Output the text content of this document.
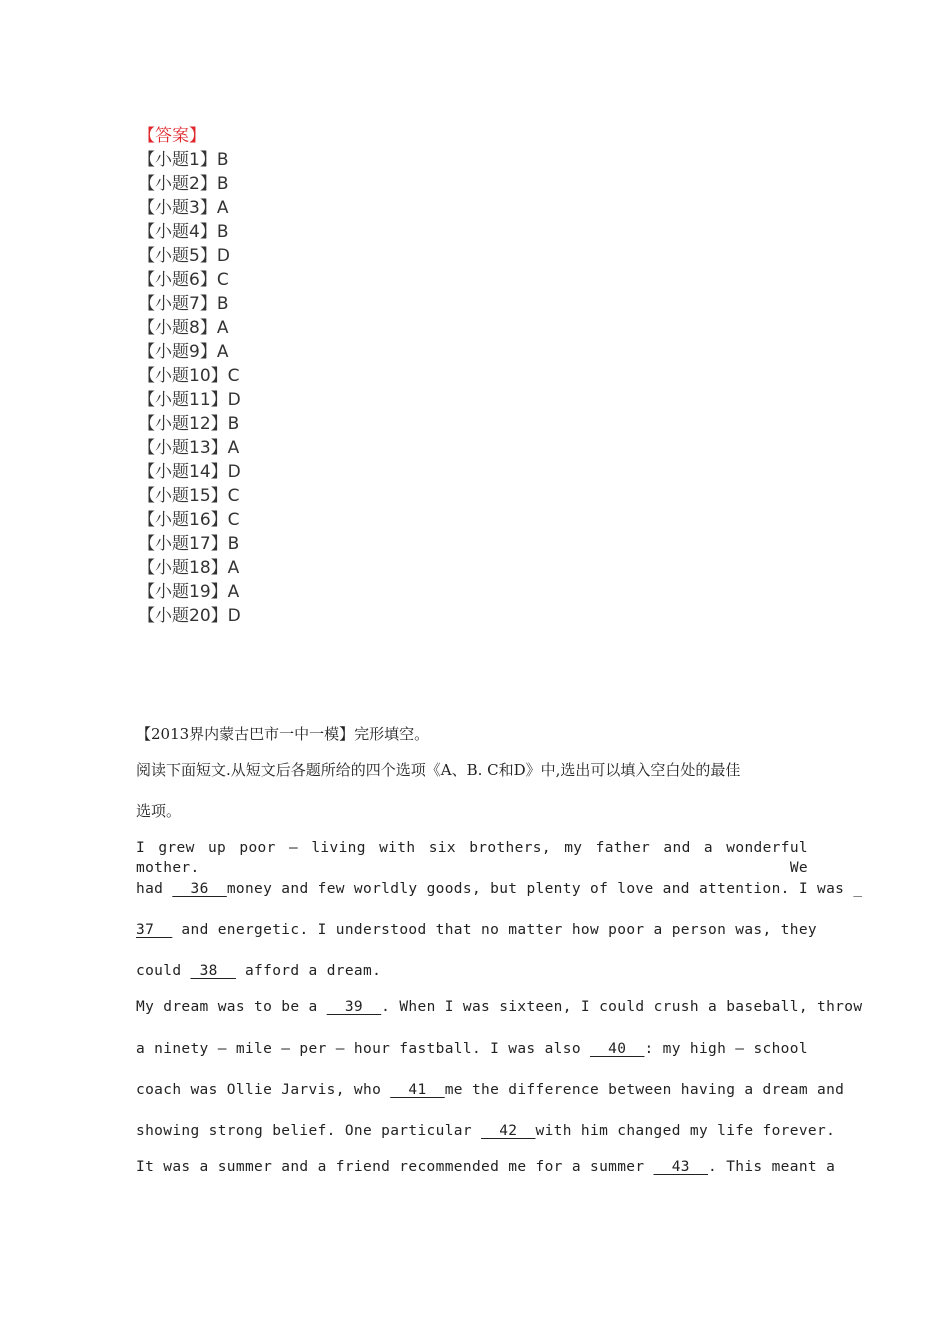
【答案】
【小题1】B
【小题2】B
【小题3】A
【小题4】B
【小题5】D
【小题6】C
【小题7】B
【小题8】A
【小题9】A
【小题10】C
【小题11】D
【小题12】B
【小题13】A
【小题14】D
【小题15】C
【小题16】C
【小题17】B
【小题18】A
【小题19】A
【小题20】D
【2013界内蒙古巴市一中一模】完形填空。
阅读下面短文.从短文后各题所给的四个选项《A、B. C和D》中,选出可以填入空白处的最佳
选项。
I grew up poor – living with six brothers, my father and a wonderful mother. We
had   36  money and few worldly goods, but plenty of love and attention. I was _
37   and energetic. I understood that no matter how poor a person was, they
could  38   afford a dream.
My dream was to be a   39  . When I was sixteen, I could crush a baseball, throw
a ninety – mile – per – hour fastball. I was also   40  : my high – school
coach was Ollie Jarvis, who   41  me the difference between having a dream and
showing strong belief. One particular   42  with him changed my life forever.
It was a summer and a friend recommended me for a summer   43  . This meant a
